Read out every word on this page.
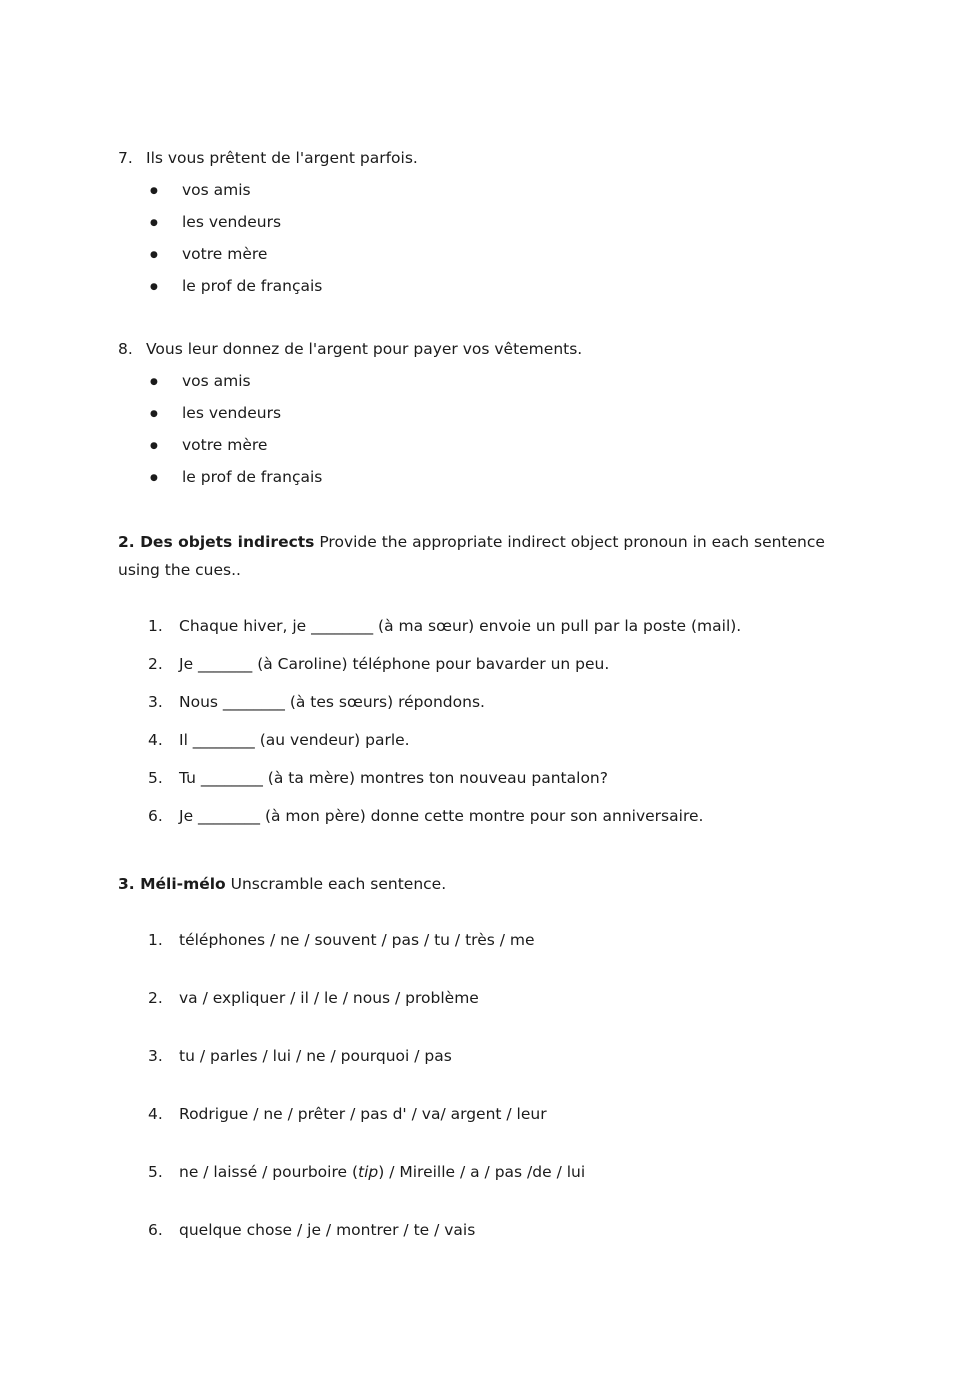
7. Ils vous prêtent de l'argent parfois.

●
vos amis
●
les vendeurs
●
votre mère
●
le prof de français

8. Vous leur donnez de l'argent pour payer vos vêtements.

●
vos amis
●
les vendeurs
●
votre mère
●
le prof de français

2. Des objets indirects Provide the appropriate indirect object pronoun in each sentence using the cues..

1.	Chaque hiver, je ________ (à ma sœur) envoie un pull par la poste (mail).
2.	Je _______ (à Caroline) téléphone pour bavarder un peu.
3.	Nous ________ (à tes sœurs) répondons.
4.	Il ________ (au vendeur) parle.
5.	Tu ________ (à ta mère) montres ton nouveau pantalon?
6.	Je ________ (à mon père) donne cette montre pour son anniversaire.

3. Méli-mélo Unscramble each sentence.

1.	téléphones / ne / souvent / pas / tu / très / me
2.	va / expliquer / il / le / nous / problème
3.	tu / parles / lui / ne / pourquoi / pas
4.	Rodrigue / ne / prêter / pas d' / va/ argent / leur
5.	ne / laissé / pourboire (tip) / Mireille / a / pas /de / lui
6.	quelque chose / je / montrer / te / vais
